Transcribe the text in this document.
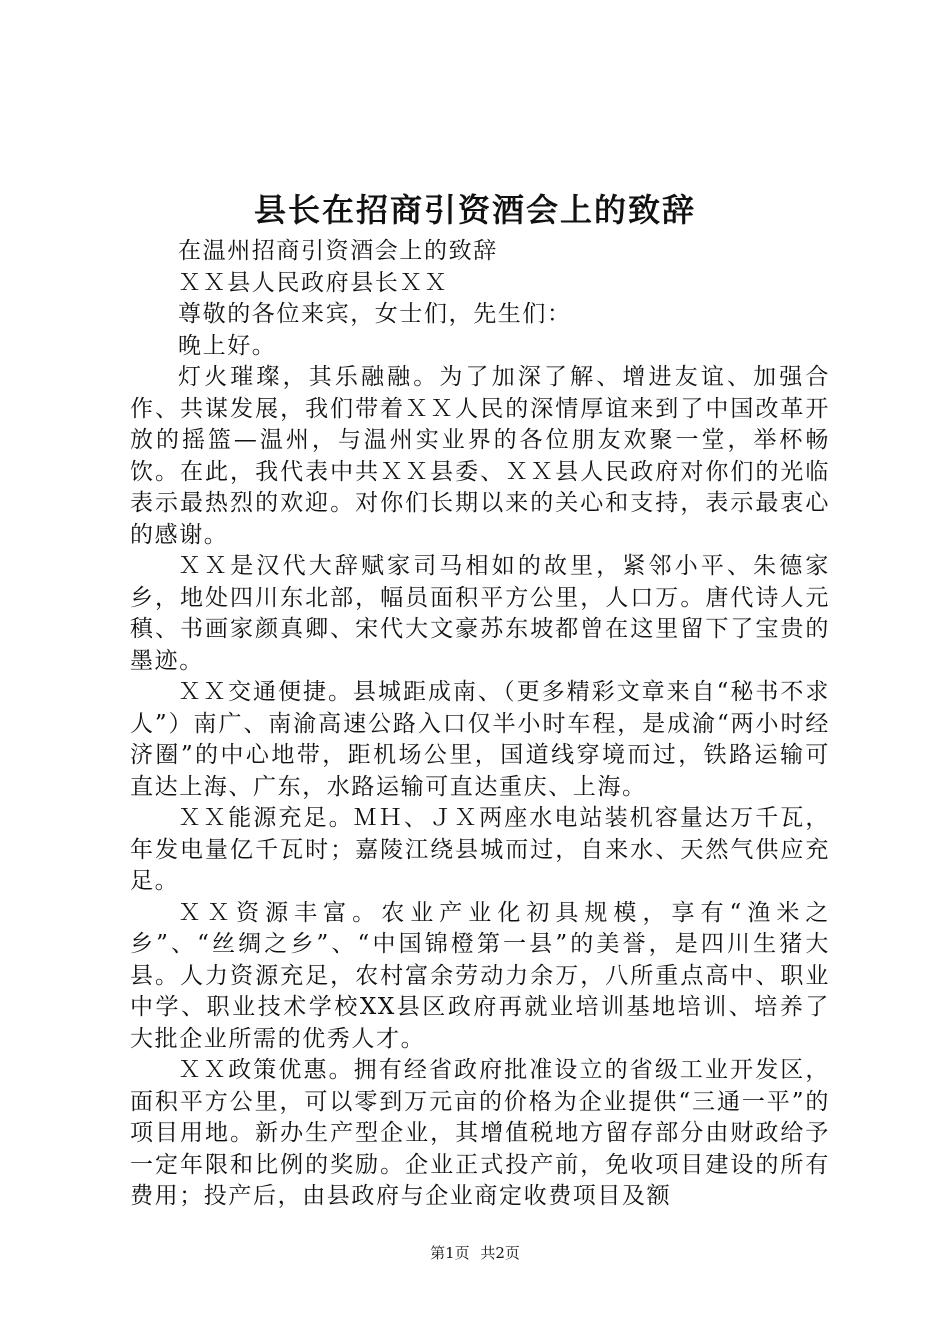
县长在招商引资酒会上的致辞

在温州招商引资酒会上的致辞

ＸＸ县人民政府县长ＸＸ

尊敬的各位来宾，女士们，先生们：

晚上好。

灯火璀璨，其乐融融。为了加深了解、增进友谊、加强合作、共谋发展，我们带着ＸＸ人民的深情厚谊来到了中国改革开放的摇篮—温州，与温州实业界的各位朋友欢聚一堂，举杯畅饮。在此，我代表中共ＸＸ县委、ＸＸ县人民政府对你们的光临表示最热烈的欢迎。对你们长期以来的关心和支持，表示最衷心的感谢。

ＸＸ是汉代大辞赋家司马相如的故里，紧邻小平、朱德家乡，地处四川东北部，幅员面积平方公里，人口万。唐代诗人元稹、书画家颜真卿、宋代大文豪苏东坡都曾在这里留下了宝贵的墨迹。

ＸＸ交通便捷。县城距成南、（更多精彩文章来自“秘书不求人”）南广、南渝高速公路入口仅半小时车程，是成渝“两小时经济圈”的中心地带，距机场公里，国道线穿境而过，铁路运输可直达上海、广东，水路运输可直达重庆、上海。

ＸＸ能源充足。ＭＨ、ＪＸ两座水电站装机容量达万千瓦，年发电量亿千瓦时；嘉陵江绕县城而过，自来水、天然气供应充足。

ＸＸ资源丰富。农业产业化初具规模，享有“渔米之乡”、“丝绸之乡”、“中国锦橙第一县”的美誉，是四川生猪大县。人力资源充足，农村富余劳动力余万，八所重点高中、职业中学、职业技术学校XX县区政府再就业培训基地培训、培养了大批企业所需的优秀人才。

ＸＸ政策优惠。拥有经省政府批准设立的省级工业开发区，面积平方公里，可以零到万元亩的价格为企业提供“三通一平”的项目用地。新办生产型企业，其增值税地方留存部分由财政给予一定年限和比例的奖励。企业正式投产前，免收项目建设的所有费用；投产后，由县政府与企业商定收费项目及额

第1页 共2页
